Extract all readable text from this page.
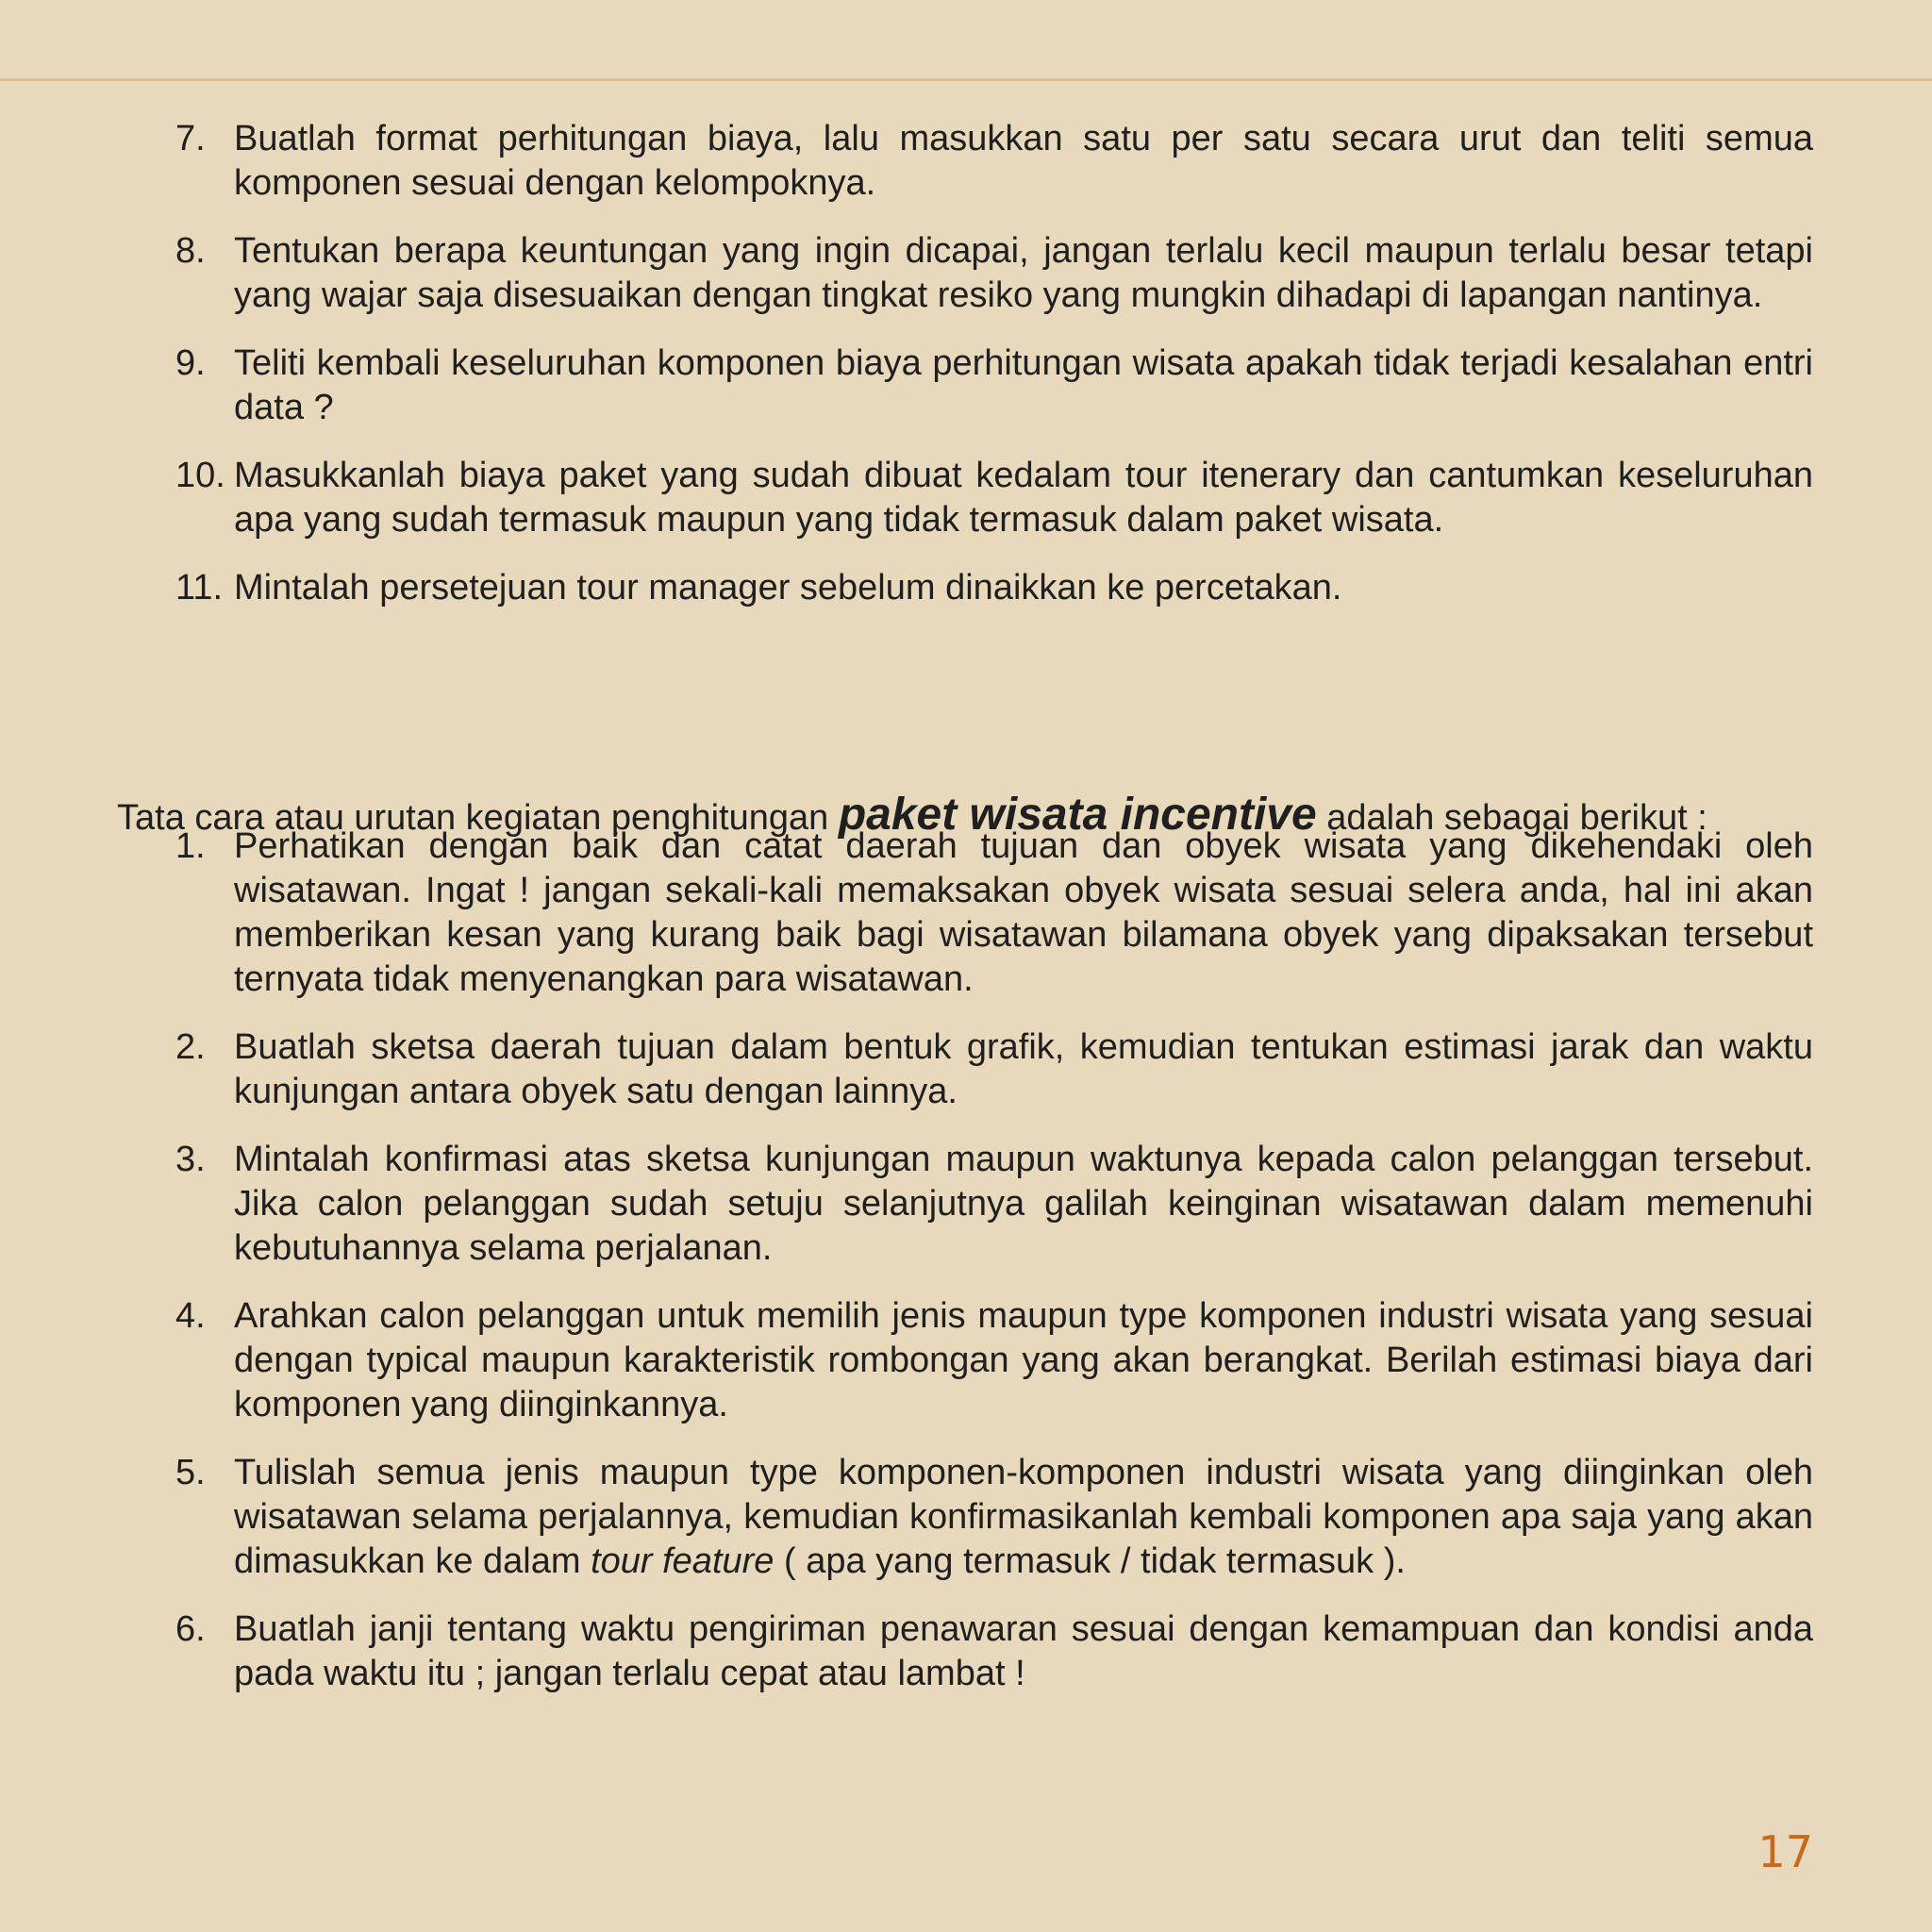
7. Buatlah format perhitungan biaya, lalu masukkan satu per satu secara urut dan teliti semua komponen sesuai dengan kelompoknya.
8. Tentukan berapa keuntungan yang ingin dicapai, jangan terlalu kecil maupun terlalu besar tetapi yang wajar saja disesuaikan dengan tingkat resiko yang mungkin dihadapi di lapangan nantinya.
9. Teliti kembali keseluruhan komponen biaya perhitungan wisata apakah tidak terjadi kesalahan entri data ?
10. Masukkanlah biaya paket yang sudah dibuat kedalam tour itenerary dan cantumkan keseluruhan apa yang sudah termasuk maupun yang tidak termasuk dalam paket wisata.
11. Mintalah persetejuan tour manager sebelum dinaikkan ke percetakan.

Tata cara atau urutan kegiatan penghitungan paket wisata incentive adalah sebagai berikut :

1. Perhatikan dengan baik dan catat daerah tujuan dan obyek wisata yang dikehendaki oleh wisatawan. Ingat ! jangan sekali-kali memaksakan obyek wisata sesuai selera anda, hal ini akan memberikan kesan yang kurang baik bagi wisatawan bilamana obyek yang dipaksakan tersebut ternyata tidak menyenangkan para wisatawan.
2. Buatlah sketsa daerah tujuan dalam bentuk grafik, kemudian tentukan estimasi jarak dan waktu kunjungan antara obyek satu dengan lainnya.
3. Mintalah konfirmasi atas sketsa kunjungan maupun waktunya kepada calon pelanggan tersebut. Jika calon pelanggan sudah setuju selanjutnya galilah keinginan wisatawan dalam memenuhi kebutuhannya selama perjalanan.
4. Arahkan calon pelanggan untuk memilih jenis maupun type komponen industri wisata yang sesuai dengan typical maupun karakteristik rombongan yang akan berangkat. Berilah estimasi biaya dari komponen yang diinginkannya.
5. Tulislah semua jenis maupun type komponen-komponen industri wisata yang diinginkan oleh wisatawan selama perjalannya, kemudian konfirmasikanlah kembali komponen apa saja yang akan dimasukkan ke dalam tour feature ( apa yang termasuk / tidak termasuk ).
6. Buatlah janji tentang waktu pengiriman penawaran sesuai dengan kemampuan dan kondisi anda pada waktu itu ; jangan terlalu cepat atau lambat !
17
